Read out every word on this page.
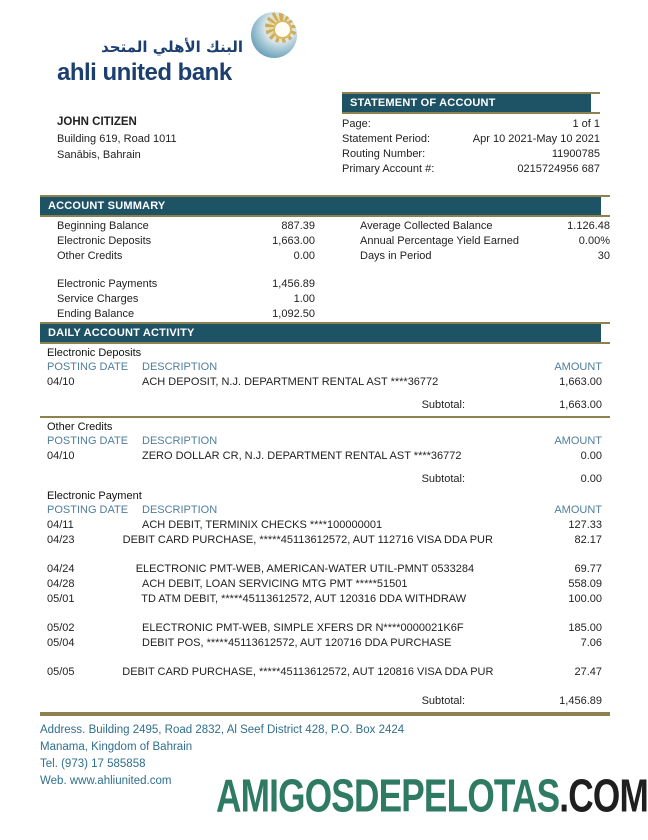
البنك الأهلي المتحد
ahli united bank
STATEMENT OF ACCOUNT
Page:	1 of 1
Statement Period:	Apr 10 2021-May 10 2021
Routing Number:	11900785
Primary Account #:	0215724956 687
JOHN CITIZEN
Building 619, Road 1011
Sanābis, Bahrain
ACCOUNT SUMMARY
Beginning Balance	887.39
Electronic Deposits	1,663.00
Other Credits	0.00
Electronic Payments	1,456.89
Service Charges	1.00
Ending Balance	1,092.50
Average Collected Balance	1.126.48
Annual Percentage Yield Earned	0.00%
Days in Period	30
DAILY ACCOUNT ACTIVITY
Electronic Deposits
POSTING DATE	DESCRIPTION	AMOUNT
04/10	ACH DEPOSIT, N.J. DEPARTMENT RENTAL AST ****36772	1,663.00
Subtotal:	1,663.00
Other Credits
POSTING DATE	DESCRIPTION	AMOUNT
04/10	ZERO DOLLAR CR, N.J. DEPARTMENT RENTAL AST ****36772	0.00
Subtotal:	0.00
Electronic Payment
POSTING DATE	DESCRIPTION	AMOUNT
04/11	ACH DEBIT, TERMINIX CHECKS ****100000001	127.33
04/23	DEBIT CARD PURCHASE, *****45113612572, AUT 112716 VISA DDA PUR	82.17
04/24	ELECTRONIC PMT-WEB, AMERICAN-WATER UTIL-PMNT 0533284	69.77
04/28	ACH DEBIT, LOAN SERVICING MTG PMT *****51501	558.09
05/01	TD ATM DEBIT, *****45113612572, AUT 120316 DDA WITHDRAW	100.00
05/02	ELECTRONIC PMT-WEB, SIMPLE XFERS DR N****0000021K6F	185.00
05/04	DEBIT POS, *****45113612572, AUT 120716 DDA PURCHASE	7.06
05/05	DEBIT CARD PURCHASE, *****45113612572, AUT 120816 VISA DDA PUR	27.47
Subtotal:	1,456.89
Address. Building 2495, Road 2832, Al Seef District 428, P.O. Box 2424
Manama, Kingdom of Bahrain
Tel. (973) 17 585858
Web. www.ahliunited.com	AMIGOSDEPELOTAS.COM
